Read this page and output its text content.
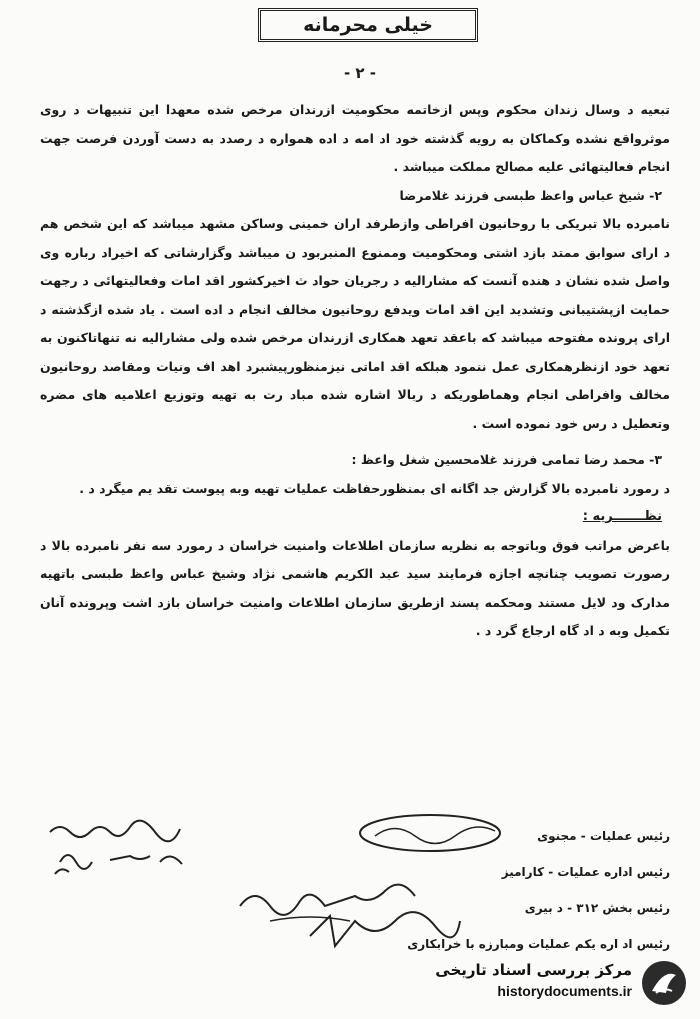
خیلی محرمانه
- ۲ -

تبعیه د وسال زندان محکوم وپس ازخاتمه محکومیت ازرندان مرخص شده معهدا این تنبیهات د روی موثرواقع نشده وکماکان به رویه گذشته خود اد امه د اده همواره د رصدد به دست آوردن فرصت جهت انجام فعالیتهائی علیه مصالح مملکت میباشد .

۲- شیخ عباس واعظ طبسی فرزند غلامرضا

نامبرده بالا تبریکی با روحانیون افراطی وازطرفد اران خمینی وساکن مشهد میباشد که این شخص هم د ارای سوابق ممتد بازد اشتی ومحکومیت وممنوع المنبربود ن میباشد وگزارشاتی که اخیراد رباره وی واصل شده نشان د هنده آنست که مشارالیه د رجریان حواد ث اخیرکشور اقد امات وفعالیتهائی د رجهت حمایت ازپشتیبانی وتشدید این اقد امات ویدفع روحانیون مخالف انجام د اده است . یاد شده ازگذشته د ارای پرونده مفتوحه میباشد که باعقد تعهد همکاری ازرندان مرخص شده ولی مشارالیه نه تنهاتاکنون به تعهد خود ازنظرهمکاری عمل ننمود هبلکه اقد اماتی نیزمنظورپیشبرد اهد اف ونیات ومقاصد روحانیون مخالف وافراطی انجام وهماطوریکه د ربالا اشاره شده مباد رت به تهیه وتوزیع اعلامیه های مضره وتعطیل د رس خود نموده است .

۳- محمد رضا تمامی فرزند غلامحسین شغل واعظ :

د رمورد نامبرده بالا گزارش جد اگانه ای بمنظورحفاظت عملیات تهیه وبه پیوست تقد یم میگرد د .

نظـــــــریه :

باعرض مراتب فوق وباتوجه به نظریه سازمان اطلاعات وامنیت خراسان د رمورد سه نفر نامبرده بالا د رصورت تصویب چنانچه اجازه فرمایند سید عبد الکریم هاشمی نژاد وشیخ عباس واعظ طبسی باتهیه مدارک ود لایل مستند ومحکمه پسند ازطریق سازمان اطلاعات وامنیت خراسان بازد اشت وپرونده آنان تکمیل وبه د اد گاه ارجاع گرد د .

رئیس عملیات - مجنوی

رئیس اداره عملیات - کارامیز

رئیس بخش ۳۱۲ - د بیری

رئیس اد اره یکم عملیات ومبارزه با خرابکاری

مرکز بررسی اسناد تاریخی
historydocuments.ir
